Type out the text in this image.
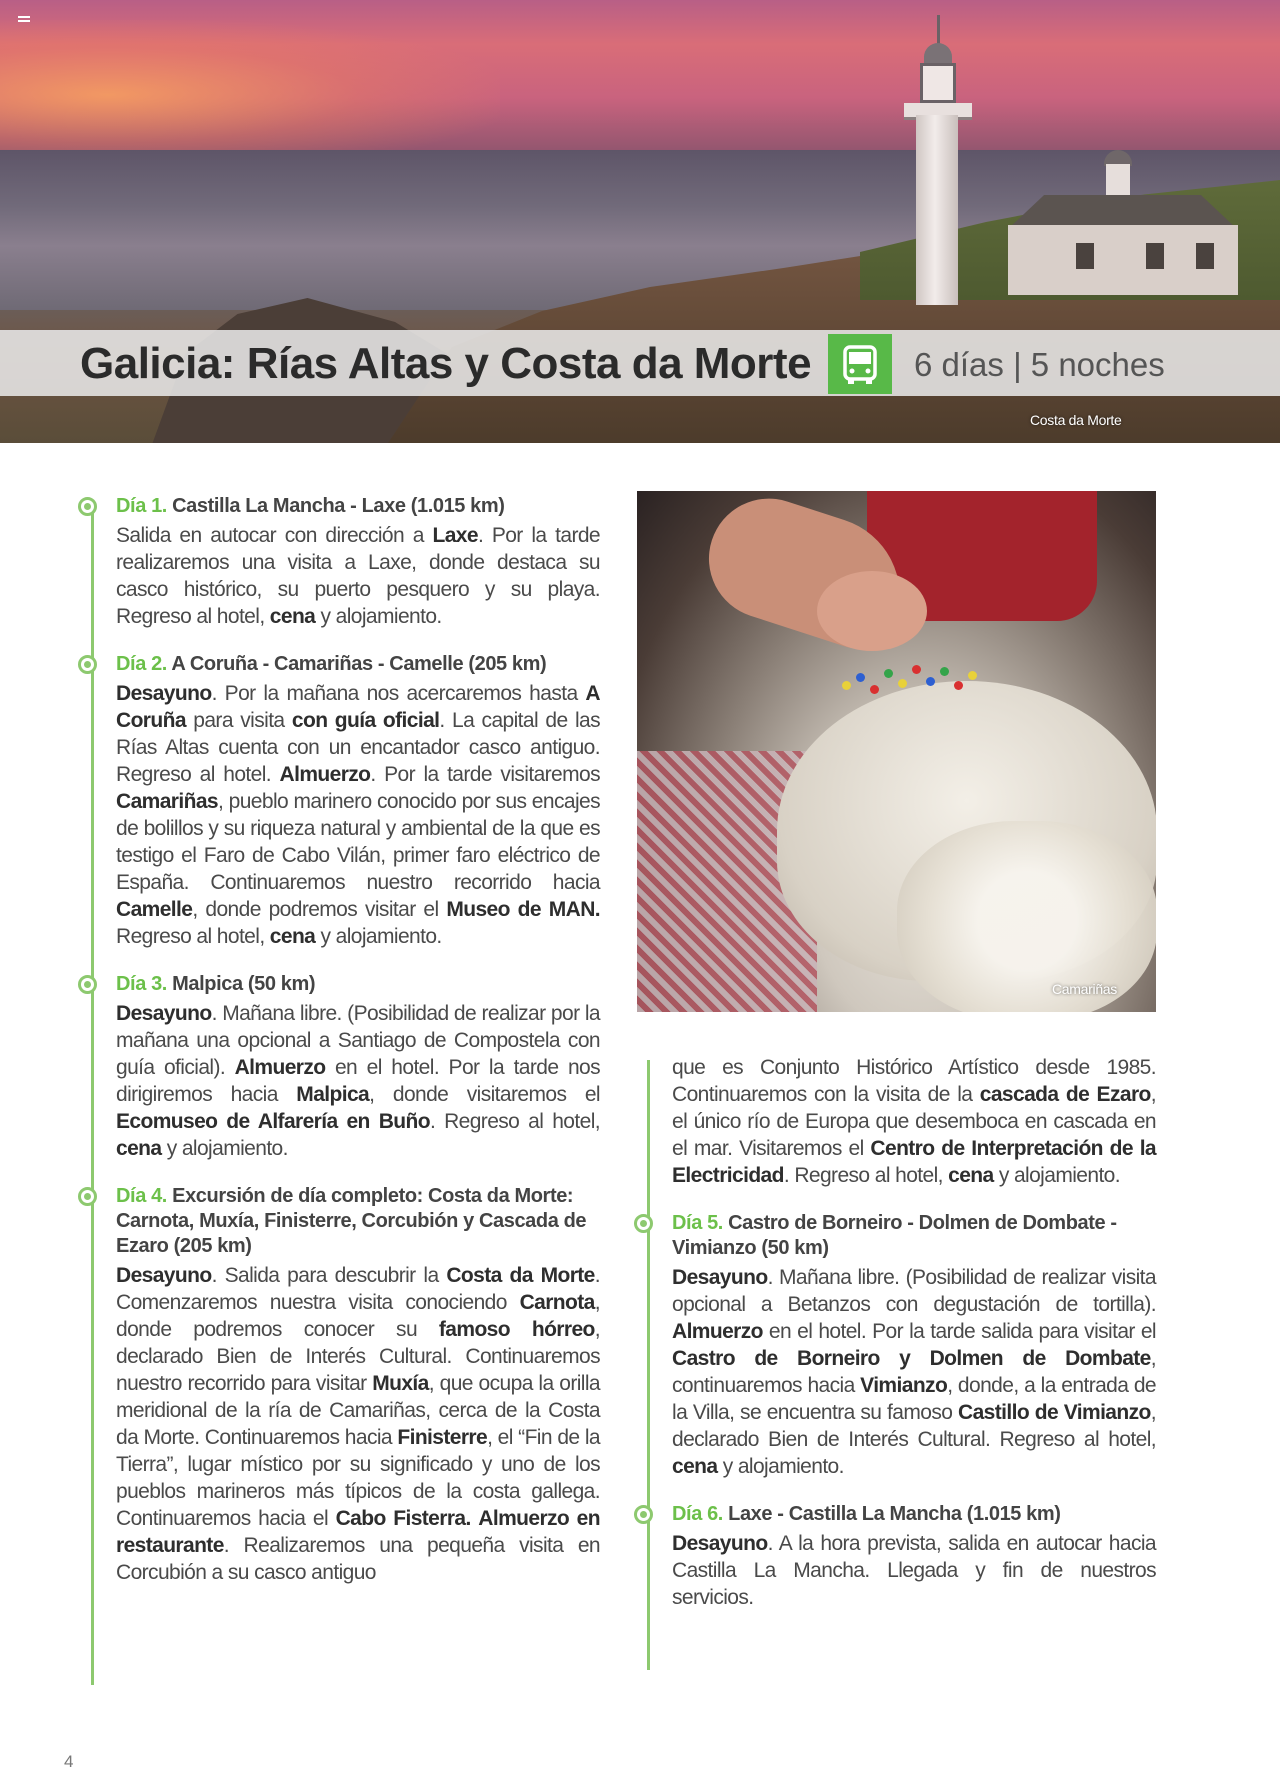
Galicia: Rías Altas y Costa da Morte	6 días | 5 noches
Costa da Morte
Día 1. Castilla La Mancha - Laxe (1.015 km)
Salida en autocar con dirección a Laxe. Por la tarde realizaremos una visita a Laxe, donde destaca su casco histórico, su puerto pesquero y su playa. Regreso al hotel, cena y alojamiento.
Día 2. A Coruña - Camariñas - Camelle (205 km)
Desayuno. Por la mañana nos acercaremos hasta A Coruña para visita con guía oficial. La capital de las Rías Altas cuenta con un encantador casco antiguo. Regreso al hotel. Almuerzo. Por la tarde visitaremos Camariñas, pueblo marinero conocido por sus encajes de bolillos y su riqueza natural y ambiental de la que es testigo el Faro de Cabo Vilán, primer faro eléctrico de España. Continuaremos nuestro recorrido hacia Camelle, donde podremos visitar el Museo de MAN. Regreso al hotel, cena y alojamiento.
Día 3. Malpica (50 km)
Desayuno. Mañana libre. (Posibilidad de realizar por la mañana una opcional a Santiago de Compostela con guía oficial). Almuerzo en el hotel. Por la tarde nos dirigiremos hacia Malpica, donde visitaremos el Ecomuseo de Alfarería en Buño. Regreso al hotel, cena y alojamiento.
Día 4. Excursión de día completo: Costa da Morte: Carnota, Muxía, Finisterre, Corcubión y Cascada de Ezaro (205 km)
Desayuno. Salida para descubrir la Costa da Morte. Comenzaremos nuestra visita conociendo Carnota, donde podremos conocer su famoso hórreo, declarado Bien de Interés Cultural. Continuaremos nuestro recorrido para visitar Muxía, que ocupa la orilla meridional de la ría de Camariñas, cerca de la Costa da Morte. Continuaremos hacia Finisterre, el “Fin de la Tierra”, lugar místico por su significado y uno de los pueblos marineros más típicos de la costa gallega. Continuaremos hacia el Cabo Fisterra. Almuerzo en restaurante. Realizaremos una pequeña visita en Corcubión a su casco antiguo
Camariñas
que es Conjunto Histórico Artístico desde 1985. Continuaremos con la visita de la cascada de Ezaro, el único río de Europa que desemboca en cascada en el mar. Visitaremos el Centro de Interpretación de la Electricidad. Regreso al hotel, cena y alojamiento.
Día 5. Castro de Borneiro - Dolmen de Dombate - Vimianzo (50 km)
Desayuno. Mañana libre. (Posibilidad de realizar visita opcional a Betanzos con degustación de tortilla). Almuerzo en el hotel. Por la tarde salida para visitar el Castro de Borneiro y Dolmen de Dombate, continuaremos hacia Vimianzo, donde, a la entrada de la Villa, se encuentra su famoso Castillo de Vimianzo, declarado Bien de Interés Cultural. Regreso al hotel, cena y alojamiento.
Día 6. Laxe - Castilla La Mancha (1.015 km)
Desayuno. A la hora prevista, salida en autocar hacia Castilla La Mancha. Llegada y fin de nuestros servicios.
4
